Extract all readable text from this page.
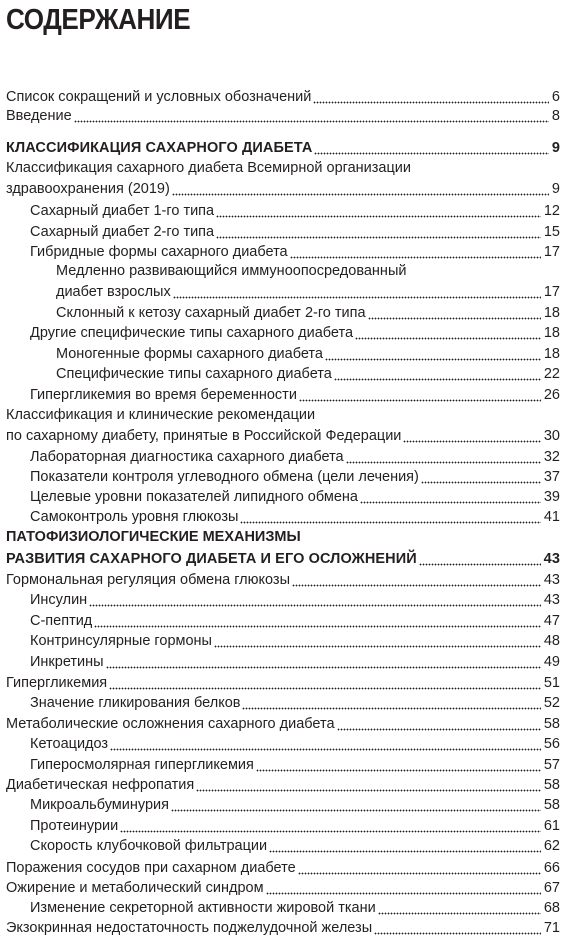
СОДЕРЖАНИЕ
Список сокращений и условных обозначений	6
Введение	8
КЛАССИФИКАЦИЯ САХАРНОГО ДИАБЕТА	9
Классификация сахарного диабета Всемирной организации
здравоохранения (2019)	9
Сахарный диабет 1-го типа	12
Сахарный диабет 2-го типа	15
Гибридные формы сахарного диабета	17
Медленно развивающийся иммуноопосредованный
диабет взрослых	17
Склонный к кетозу сахарный диабет 2-го типа	18
Другие специфические типы сахарного диабета	18
Моногенные формы сахарного диабета	18
Специфические типы сахарного диабета	22
Гипергликемия во время беременности	26
Классификация и клинические рекомендации
по сахарному диабету, принятые в Российской Федерации	30
Лабораторная диагностика сахарного диабета	32
Показатели контроля углеводного обмена (цели лечения)	37
Целевые уровни показателей липидного обмена	39
Самоконтроль уровня глюкозы	41
ПАТОФИЗИОЛОГИЧЕСКИЕ МЕХАНИЗМЫ
РАЗВИТИЯ САХАРНОГО ДИАБЕТА И ЕГО ОСЛОЖНЕНИЙ	43
Гормональная регуляция обмена глюкозы	43
Инсулин	43
С-пептид	47
Контринсулярные гормоны	48
Инкретины	49
Гипергликемия	51
Значение гликирования белков	52
Метаболические осложнения сахарного диабета	58
Кетоацидоз	56
Гиперосмолярная гипергликемия	57
Диабетическая нефропатия	58
Микроальбуминурия	58
Протеинурии	61
Скорость клубочковой фильтрации	62
Поражения сосудов при сахарном диабете	66
Ожирение и метаболический синдром	67
Изменение секреторной активности жировой ткани	68
Экзокринная недостаточность поджелудочной железы	71
